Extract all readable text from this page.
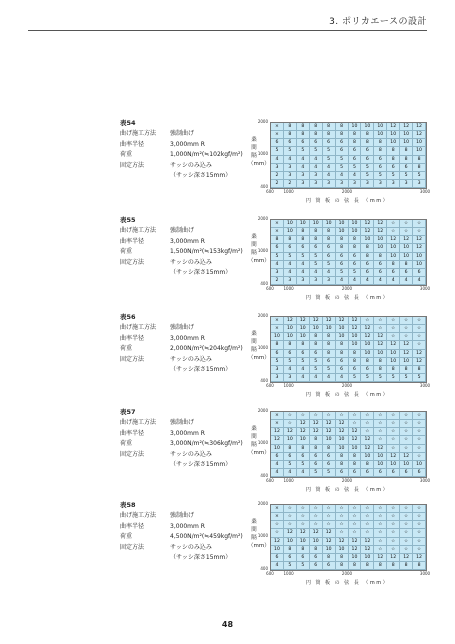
3. ポリカエースの設計
表54
曲げ施工方法	強制曲げ
曲率半径	3,000mm R
荷重	1,000N/m²(≒102kgf/m²)
固定方法	サッシのみ込み
（サッシ深さ15mm）
桑 間 隔 （mm）
2000
1000
400
×	8	8	8	8	8	10	10	10	12	12	12
×	8	8	8	8	8	8	8	10	10	10	12
6	6	6	6	6	6	8	8	8	10	10	10
5	5	5	5	5	6	6	6	8	8	8	10
4	4	4	4	5	5	6	6	6	8	8	8
3	3	4	4	4	5	5	5	6	6	6	8
2	3	3	3	4	4	4	5	5	5	5	5
2	2	3	3	3	3	3	3	3	3	3	3
600 1000	2000	3000
円 筒 板 の 弦 長 （mm）
表55
曲げ施工方法	強制曲げ
曲率半径	3,000mm R
荷重	1,500N/m²(≒153kgf/m²)
固定方法	サッシのみ込み
（サッシ深さ15mm）
桑 間 隔 （mm）
2000
1000
400
×	10	10	10	10	10	10	12	12	☆	☆	☆
×	10	8	8	8	10	10	12	12	☆	☆	☆
8	8	8	8	8	8	8	10	10	12	12	12
6	6	6	6	6	8	8	8	10	10	10	12
5	5	5	5	6	6	6	8	8	10	10	10
4	4	4	5	5	6	6	6	6	8	8	10
3	4	4	4	4	5	5	6	6	6	6	6
2	3	3	3	3	4	4	4	4	4	4	4
600 1000	2000	3000
円 筒 板 の 弦 長 （mm）
表56
曲げ施工方法	強制曲げ
曲率半径	3,000mm R
荷重	2,000N/m²(≒204kgf/m²)
固定方法	サッシのみ込み
（サッシ深さ15mm）
桑 間 隔 （mm）
2000
1000
400
×	12	12	12	12	12	12	☆	☆	☆	☆	☆
×	10	10	10	10	10	12	12	☆	☆	☆	☆
10	10	10	8	8	10	10	12	12	☆	☆	☆
8	8	8	8	8	8	10	10	12	12	12	☆
6	6	6	6	8	8	8	10	10	10	12	12
5	5	5	5	6	6	8	8	8	10	10	12
3	4	4	5	5	6	6	6	8	8	8	8
3	3	4	4	4	4	5	5	5	5	5	5
600 1000	2000	3000
円 筒 板 の 弦 長 （mm）
表57
曲げ施工方法	強制曲げ
曲率半径	3,000mm R
荷重	3,000N/m²(≒306kgf/m²)
固定方法	サッシのみ込み
（サッシ深さ15mm）
桑 間 隔 （mm）
2000
1000
400
×	☆	☆	☆	☆	☆	☆	☆	☆	☆	☆	☆
×	☆	12	12	12	12	☆	☆	☆	☆	☆	☆
12	12	12	12	12	12	12	☆	☆	☆	☆	☆
12	10	10	8	10	10	12	12	☆	☆	☆	☆
10	8	8	8	8	10	10	12	12	☆	☆	☆
6	6	6	6	6	8	8	10	10	12	12	☆
4	5	5	6	6	8	8	8	10	10	10	10
4	4	4	5	5	6	6	6	6	6	6	6
600 1000	2000	3000
円 筒 板 の 弦 長 （mm）
表58
曲げ施工方法	強制曲げ
曲率半径	3,000mm R
荷重	4,500N/m²(≒459kgf/m²)
固定方法	サッシのみ込み
（サッシ深さ15mm）
桑 間 隔 （mm）
2000
1000
400
×	☆	☆	☆	☆	☆	☆	☆	☆	☆	☆	☆
×	☆	☆	☆	☆	☆	☆	☆	☆	☆	☆	☆
☆	☆	☆	☆	☆	☆	☆	☆	☆	☆	☆	☆
☆	12	12	12	12	☆	☆	☆	☆	☆	☆	☆
12	10	10	10	12	12	12	12	☆	☆	☆	☆
10	8	8	8	10	10	12	12	☆	☆	☆	☆
6	6	6	6	8	8	10	10	12	12	12	12
4	5	5	6	6	8	8	8	8	8	8	8
600 1000	2000	3000
円 筒 板 の 弦 長 （mm）
48
